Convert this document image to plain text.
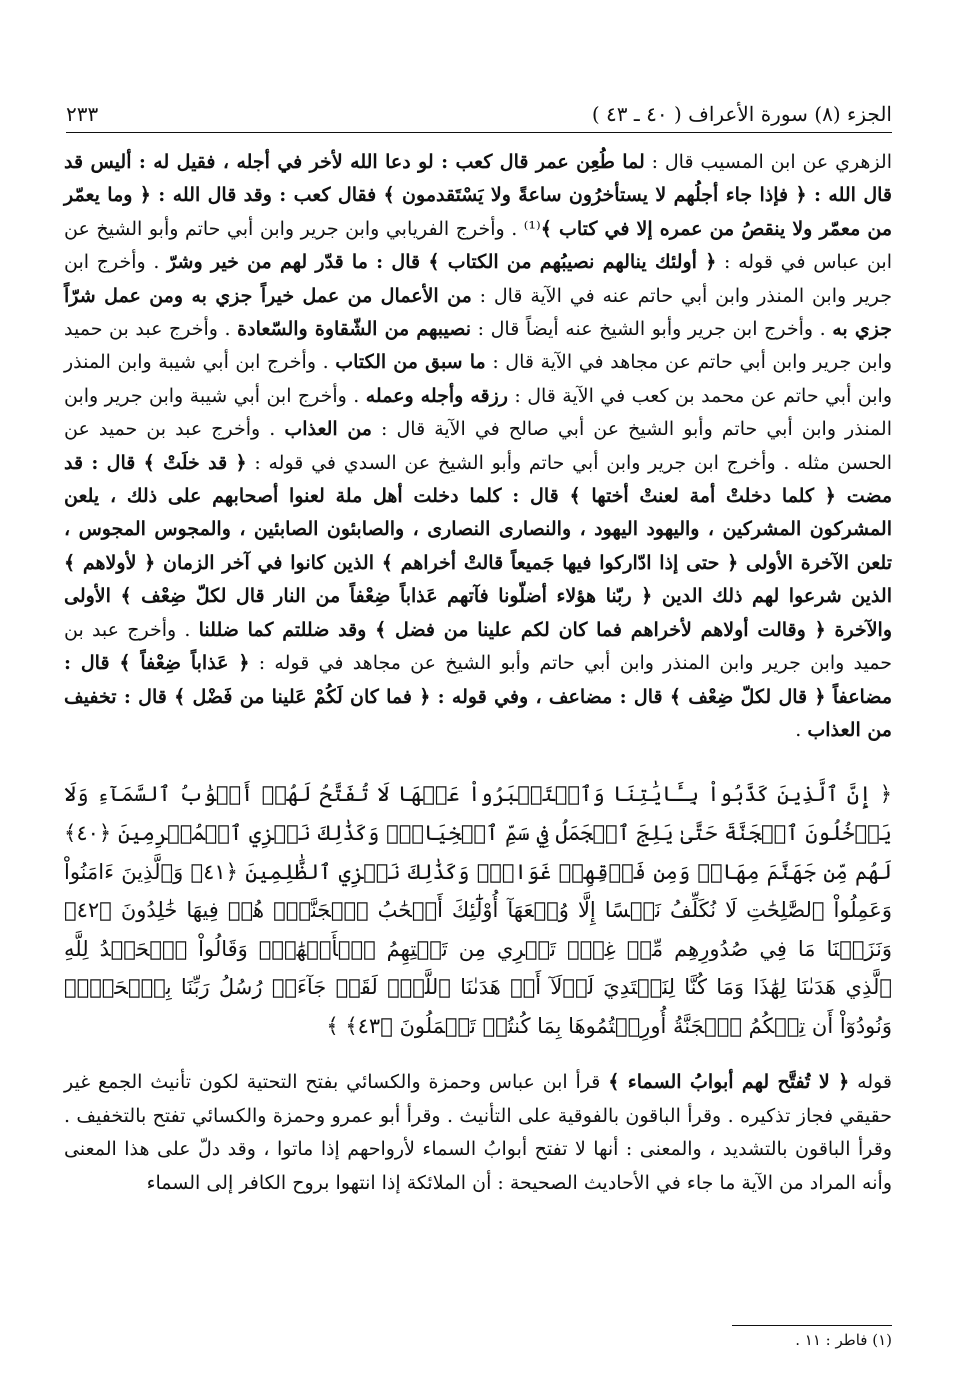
الجزء (٨) سورة الأعراف ( ٤٠ ـ ٤٣ )
٢٣٣

الزهري عن ابن المسيب قال : لما طُعِن عمر قال كعب : لو دعا الله لأخر في أجله ، فقيل له : أليس قد قال الله : ﴿ فإذا جاء أجلُهم لا يستأخرُون ساعةً ولا يَسْتَقدمون ﴾ فقال كعب : وقد قال الله : ﴿ وما يعمّر من معمّر ولا ينقصُ من عمره إلا في كتاب ﴾⁽¹⁾ . وأخرج الفريابي وابن جرير وابن أبي حاتم وأبو الشيخ عن ابن عباس في قوله : ﴿ أولئك ينالهم نصيبُهم من الكتاب ﴾ قال : ما قدّر لهم من خير وشرّ . وأخرج ابن جرير وابن المنذر وابن أبي حاتم عنه في الآية قال : من الأعمال من عمل خيراً جزي به ومن عمل شرّاً جزي به . وأخرج ابن جرير وأبو الشيخ عنه أيضاً قال : نصيبهم من الشّقاوة والسّعادة . وأخرج عبد بن حميد وابن جرير وابن أبي حاتم عن مجاهد في الآية قال : ما سبق من الكتاب . وأخرج ابن أبي شيبة وابن المنذر وابن أبي حاتم عن محمد بن كعب في الآية قال : رزقه وأجله وعمله . وأخرج ابن أبي شيبة وابن جرير وابن المنذر وابن أبي حاتم وأبو الشيخ عن أبي صالح في الآية قال : من العذاب . وأخرج عبد بن حميد عن الحسن مثله . وأخرج ابن جرير وابن أبي حاتم وأبو الشيخ عن السدي في قوله : ﴿ قد خلَتْ ﴾ قال : قد مضت ﴿ كلما دخلتْ أمة لعنتْ أختها ﴾ قال : كلما دخلت أهل ملة لعنوا أصحابهم على ذلك ، يلعن المشركون المشركين ، واليهود اليهود ، والنصارى النصارى ، والصابئون الصابئين ، والمجوس المجوس ، تلعن الآخرة الأولى ﴿ حتى إذا ادّاركوا فيها جَميعاً قالتْ أخراهم ﴾ الذين كانوا في آخر الزمان ﴿ لأولاهم ﴾ الذين شرعوا لهم ذلك الدين ﴿ ربّنا هؤلاء أضلّونا فآتهم عَذاباً ضِعْفاً من النار قال لكلّ ضِعْف ﴾ الأولى والآخرة ﴿ وقالت أولاهم لأخراهم فما كان لكم علينا من فضل ﴾ وقد ضللتم كما ضللنا . وأخرج عبد بن حميد وابن جرير وابن المنذر وابن أبي حاتم وأبو الشيخ عن مجاهد في قوله : ﴿ عَذاباً ضِعْفاً ﴾ قال : مضاعفاً ﴿ قال لكلّ ضِعْف ﴾ قال : مضاعف ، وفي قوله : ﴿ فما كان لَكُمْ عَلينا من فَضْل ﴾ قال : تخفيف من العذاب .

﴿ إِنَّ ٱلَّذِينَ كَذَّبُواْ بِـَٔايَٰتِنَا وَٱسۡتَكۡبَرُواْ عَنۡهَا لَا تُفَتَّحُ لَهُمۡ أَبۡوَٰبُ ٱلسَّمَآءِ وَلَا يَدۡخُلُونَ ٱلۡجَنَّةَ حَتَّىٰ يَلِجَ ٱلۡجَمَلُ فِي سَمِّ ٱلۡخِيَاطِۚ وَكَذَٰلِكَ نَجۡزِي ٱلۡمُجۡرِمِينَ ﴿٤٠﴾ لَهُم مِّن جَهَنَّمَ مِهَادٞ وَمِن فَوۡقِهِمۡ غَوَاشٖۚ وَكَذَٰلِكَ نَجۡزِي ٱلظَّٰلِمِينَ ﴿٤١﴾ وَٱلَّذِينَ ءَامَنُواْ وَعَمِلُواْ ٱلصَّٰلِحَٰتِ لَا نُكَلِّفُ نَفۡسًا إِلَّا وُسۡعَهَآ أُوْلَٰٓئِكَ أَصۡحَٰبُ ٱلۡجَنَّةِۖ هُمۡ فِيهَا خَٰلِدُونَ ﴿٤٢﴾ وَنَزَعۡنَا مَا فِي صُدُورِهِم مِّنۡ غِلّٖ تَجۡرِي مِن تَحۡتِهِمُ ٱلۡأَنۡهَٰرُۖ وَقَالُواْ ٱلۡحَمۡدُ لِلَّهِ ٱلَّذِي هَدَىٰنَا لِهَٰذَا وَمَا كُنَّا لِنَهۡتَدِيَ لَوۡلَآ أَنۡ هَدَىٰنَا ٱللَّهُۖ لَقَدۡ جَآءَتۡ رُسُلُ رَبِّنَا بِٱلۡحَقِّۖ وَنُودُوٓاْ أَن تِلۡكُمُ ٱلۡجَنَّةُ أُورِثۡتُمُوهَا بِمَا كُنتُمۡ تَعۡمَلُونَ ﴿٤٣﴾ ﴾

قوله ﴿ لا تُفتَّح لهم أبوابُ السماء ﴾ قرأ ابن عباس وحمزة والكسائي بفتح التحتية لكون تأنيث الجمع غير حقيقي فجاز تذكيره . وقرأ الباقون بالفوقية على التأنيث . وقرأ أبو عمرو وحمزة والكسائي تفتح بالتخفيف . وقرأ الباقون بالتشديد ، والمعنى : أنها لا تفتح أبوابُ السماء لأرواحهم إذا ماتوا ، وقد دلّ على هذا المعنى وأنه المراد من الآية ما جاء في الأحاديث الصحيحة : أن الملائكة إذا انتهوا بروح الكافر إلى السماء

(١) فاطر : ١١ .
